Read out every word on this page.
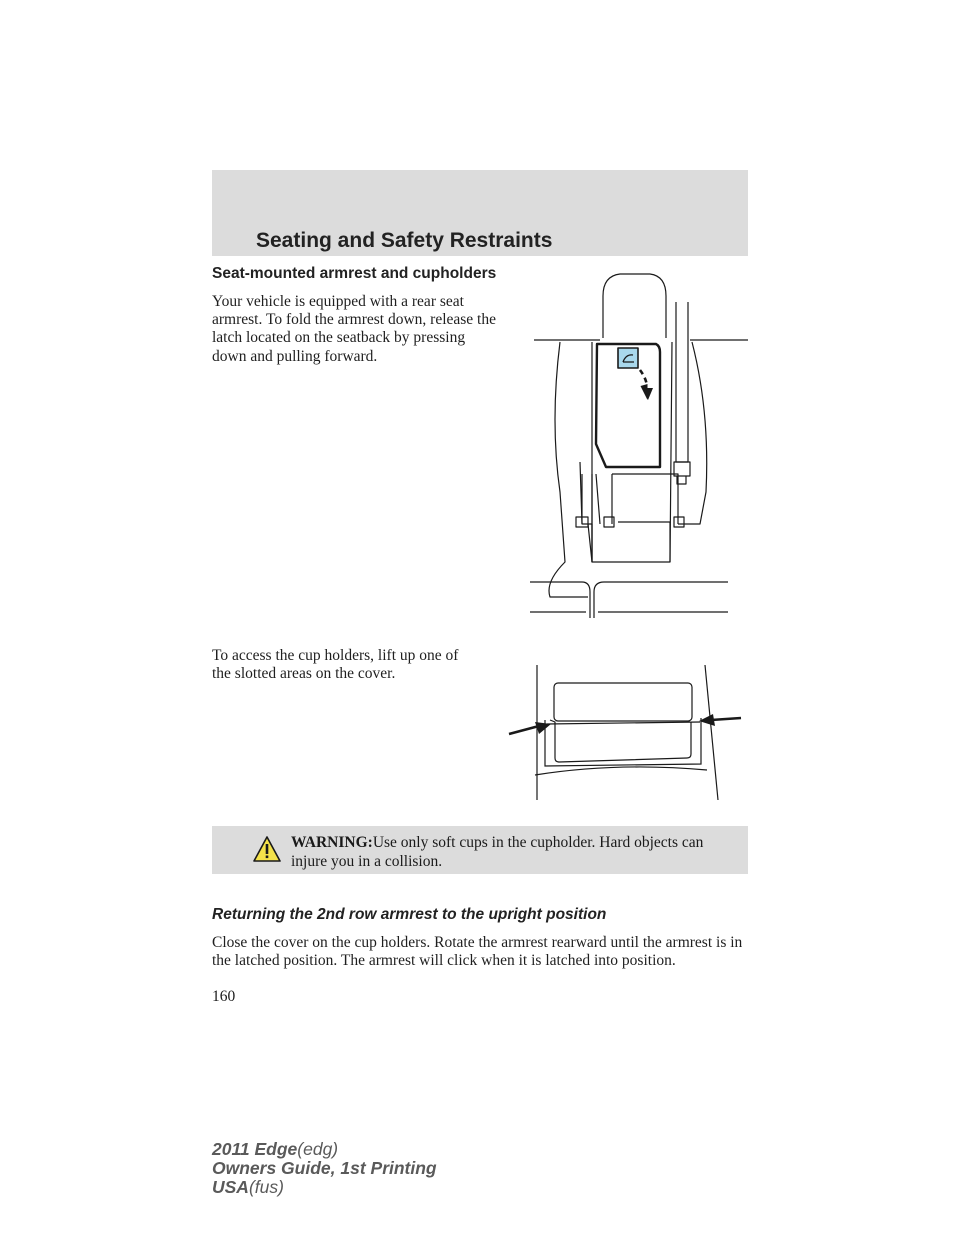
Seating and Safety Restraints
Seat-mounted armrest and cupholders
Your vehicle is equipped with a rear seat armrest. To fold the armrest down, release the latch located on the seatback by pressing down and pulling forward.
To access the cup holders, lift up one of the slotted areas on the cover.
WARNING:Use only soft cups in the cupholder. Hard objects can injure you in a collision.
Returning the 2nd row armrest to the upright position
Close the cover on the cup holders. Rotate the armrest rearward until the armrest is in the latched position. The armrest will click when it is latched into position.
160
2011 Edge(edg)
Owners Guide, 1st Printing
USA(fus)
